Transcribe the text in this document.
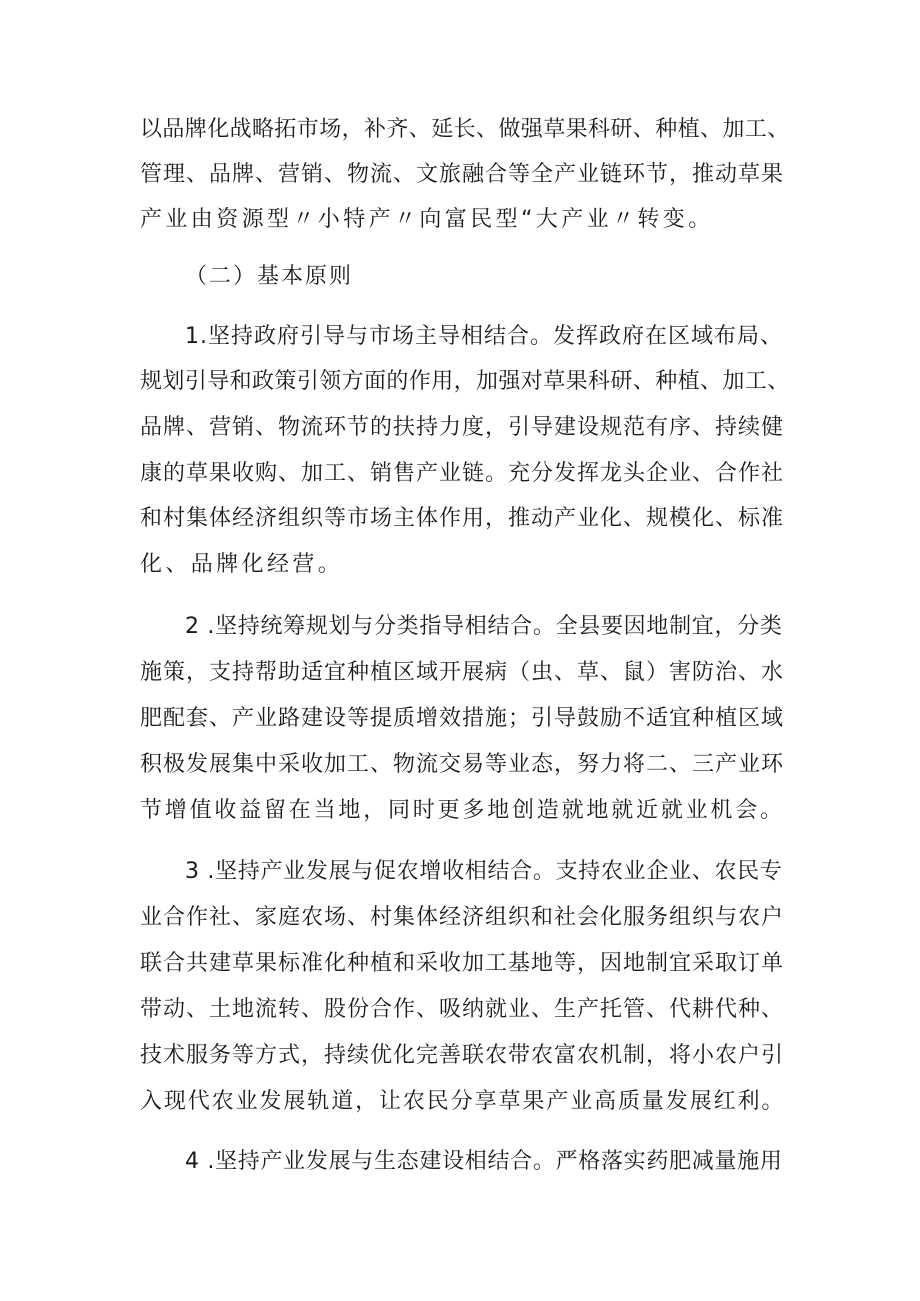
以品牌化战略拓市场，补齐、延长、做强草果科研、种植、加工、
管理、品牌、营销、物流、文旅融合等全产业链环节，推动草果
产业由资源型〃小特产〃向富民型“大产业〃转变。
（二）基本原则
1.坚持政府引导与市场主导相结合。发挥政府在区域布局、
规划引导和政策引领方面的作用，加强对草果科研、种植、加工、
品牌、营销、物流环节的扶持力度，引导建设规范有序、持续健
康的草果收购、加工、销售产业链。充分发挥龙头企业、合作社
和村集体经济组织等市场主体作用，推动产业化、规模化、标准
化、品牌化经营。
2 .坚持统筹规划与分类指导相结合。全县要因地制宜，分类
施策，支持帮助适宜种植区域开展病（虫、草、鼠）害防治、水
肥配套、产业路建设等提质增效措施；引导鼓励不适宜种植区域
积极发展集中采收加工、物流交易等业态，努力将二、三产业环
节增值收益留在当地，同时更多地创造就地就近就业机会。
3 .坚持产业发展与促农增收相结合。支持农业企业、农民专
业合作社、家庭农场、村集体经济组织和社会化服务组织与农户
联合共建草果标准化种植和采收加工基地等，因地制宜采取订单
带动、土地流转、股份合作、吸纳就业、生产托管、代耕代种、
技术服务等方式，持续优化完善联农带农富农机制，将小农户引
入现代农业发展轨道，让农民分享草果产业高质量发展红利。
4 .坚持产业发展与生态建设相结合。严格落实药肥减量施用
